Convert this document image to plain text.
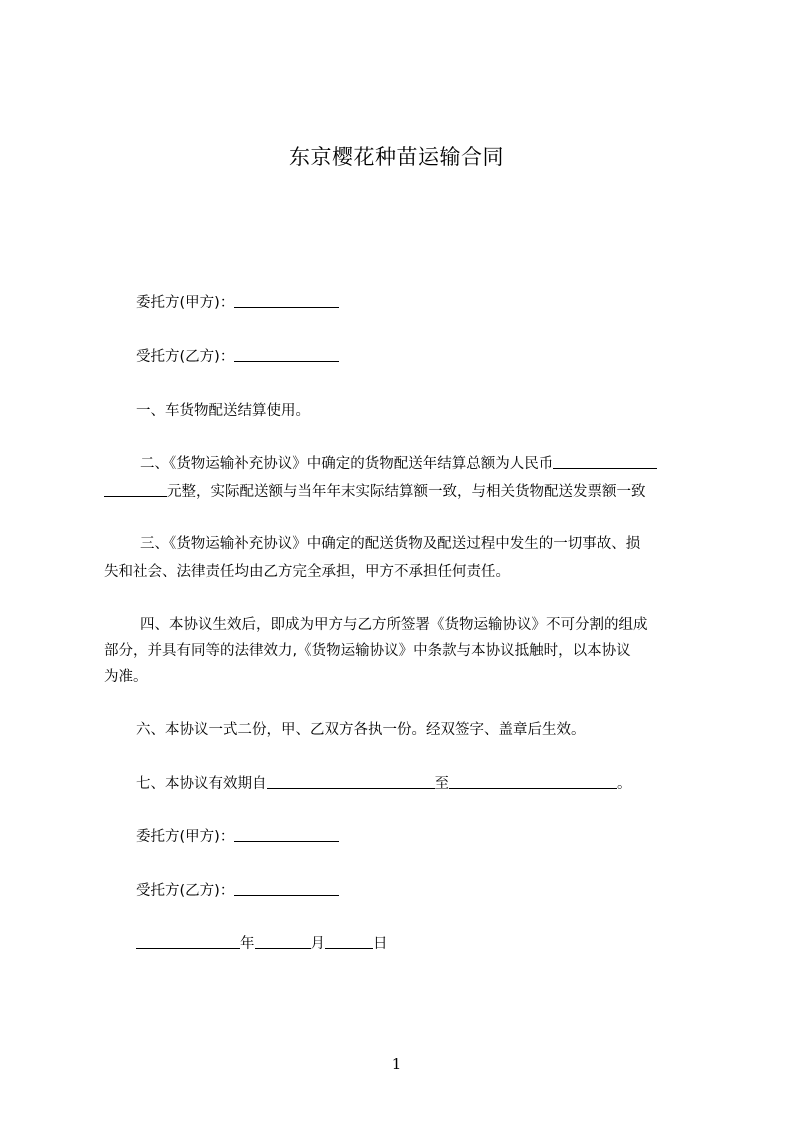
东京樱花种苗运输合同
委托方(甲方)：
受托方(乙方)：
一、车货物配送结算使用。
二、《货物运输补充协议》中确定的货物配送年结算总额为人民币
元整，实际配送额与当年年末实际结算额一致，与相关货物配送发票额一致
三、《货物运输补充协议》中确定的配送货物及配送过程中发生的一切事故、损
失和社会、法律责任均由乙方完全承担，甲方不承担任何责任。
四、本协议生效后，即成为甲方与乙方所签署《货物运输协议》不可分割的组成
部分，并具有同等的法律效力,《货物运输协议》中条款与本协议抵触时，以本协议
为准。
六、本协议一式二份，甲、乙双方各执一份。经双签字、盖章后生效。
七、本协议有效期自	至	。
委托方(甲方)：
受托方(乙方)：
年	月	日
1
